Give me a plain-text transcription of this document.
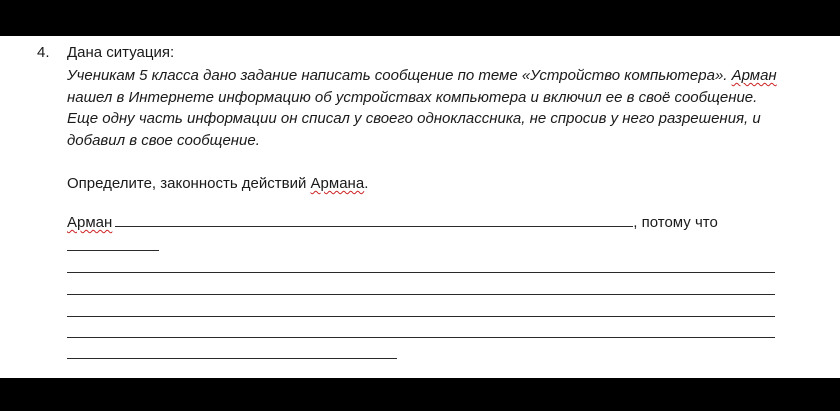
4. Дана ситуация:

Ученикам 5 класса дано задание написать сообщение по теме «Устройство компьютера». Арман нашел в Интернете информацию об устройствах компьютера и включил ее в своё сообщение. Еще одну часть информации он списал у своего одноклассника, не спросив у него разрешения, и добавил в свое сообщение.

Определите, законность действий Армана.
Арман	, потому что
